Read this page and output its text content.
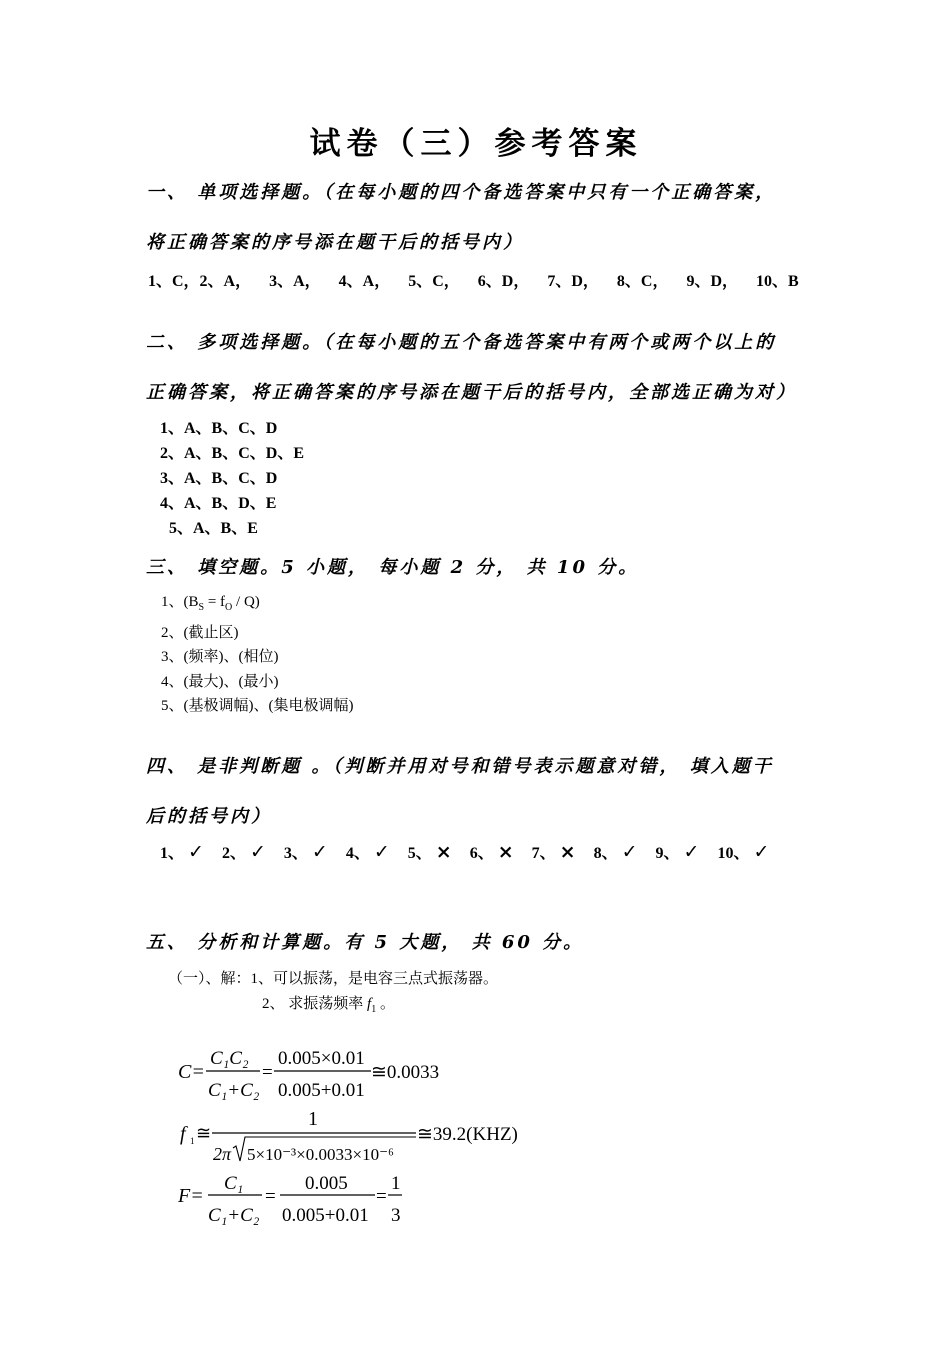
试卷（三）参考答案
一、 单项选择题。（在每小题的四个备选答案中只有一个正确答案，
将正确答案的序号添在题干后的括号内）
1、C，2、A， 3、A， 4、A， 5、C， 6、D， 7、D， 8、C， 9、D， 10、B
二、 多项选择题。（在每小题的五个备选答案中有两个或两个以上的
正确答案，将正确答案的序号添在题干后的括号内，全部选正确为对）
1、A、B、C、D
2、A、B、C、D、E
3、A、B、C、D
4、A、B、D、E
5、A、B、E
三、 填空题。5 小题， 每小题 2 分， 共 10 分。
1、$(B_S = f_O / Q)$
2、(截止区)
3、(频率)、(相位)
4、(最大)、(最小)
5、(基极调幅)、(集电极调幅)
四、 是非判断题 。（判断并用对号和错号表示题意对错， 填入题干
后的括号内）
1、 ✓ 2、 ✓ 3、 ✓ 4、 ✓ 5、 × 6、 × 7、 × 8、 ✓ 9、 ✓ 10、 ✓
五、 分析和计算题。有 5 大题， 共 60 分。
（一）、解：1、可以振荡，是电容三点式振荡器。
2、 求振荡频率 $f_1$ 。
C=
C₁C₂
C₁+C₂
=
0.005×0.01
0.005+0.01
≅0.0033
f 1 ≅
1
2π 5×10⁻³×0.0033×10⁻⁶
≅39.2(KHZ)
F=
C₁
C₁+C₂
=
0.005
0.005+0.01
=
1
3
